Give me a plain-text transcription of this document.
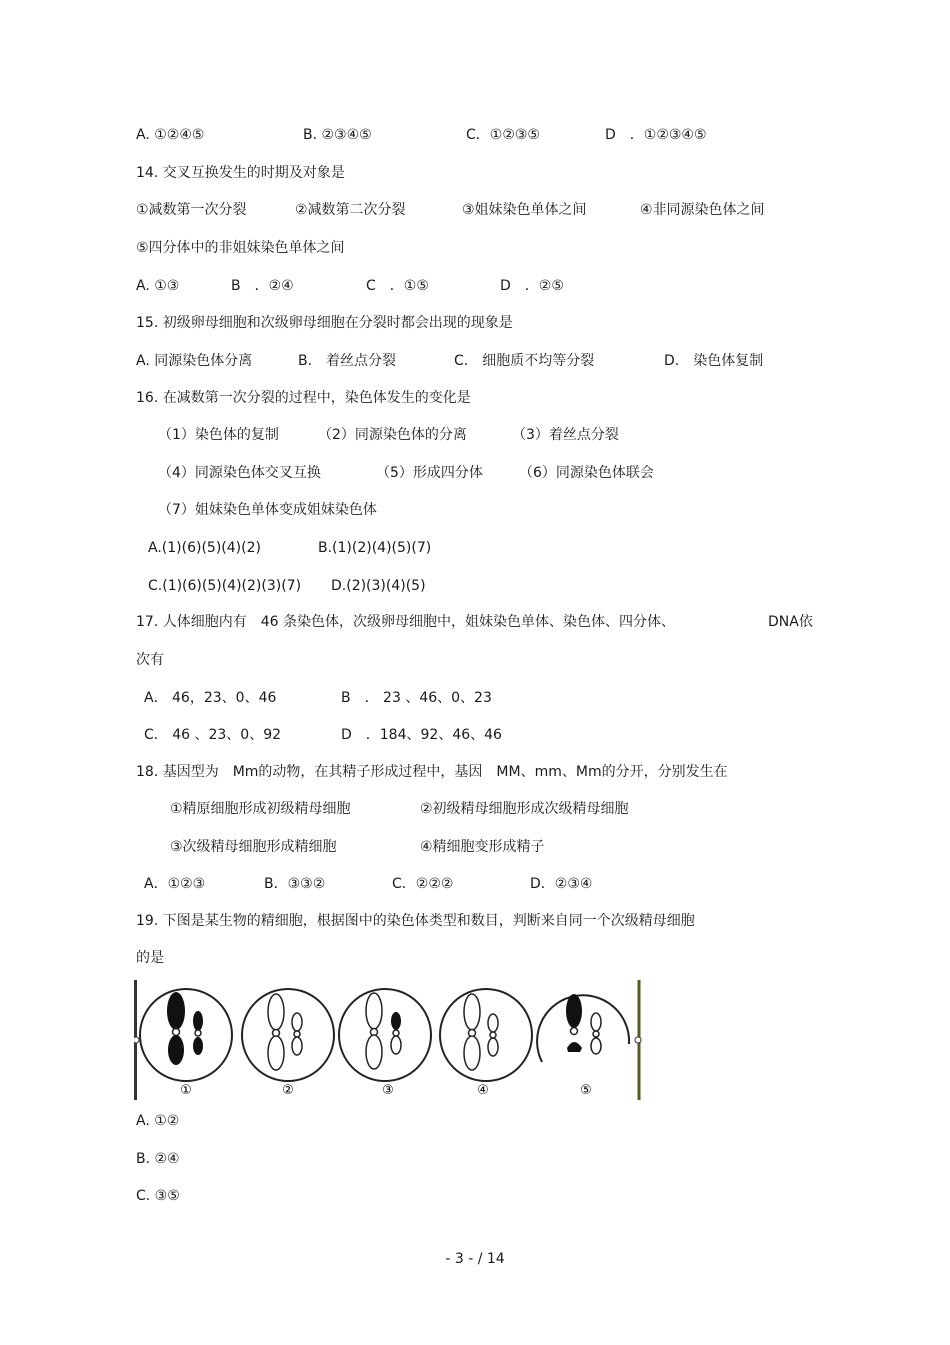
A. ①②④⑤	B. ②③④⑤	C．①②③⑤	D　．①②③④⑤
14. 交叉互换发生的时期及对象是
①减数第一次分裂	②减数第二次分裂	③姐妹染色单体之间	④非同源染色体之间
⑤四分体中的非姐妹染色单体之间
A. ①③	B　．②④	C　．①⑤	D　．②⑤
15. 初级卵母细胞和次级卵母细胞在分裂时都会出现的现象是
A. 同源染色体分离	B.　着丝点分裂	C.　细胞质不均等分裂	D.　染色体复制
16. 在减数第一次分裂的过程中，染色体发生的变化是
（1）染色体的复制	（2）同源染色体的分离	（3）着丝点分裂
（4）同源染色体交叉互换	（5）形成四分体	（6）同源染色体联会
（7）姐妹染色单体变成姐妹染色体
A.(1)(6)(5)(4)(2)	B.(1)(2)(4)(5)(7)
C.(1)(6)(5)(4)(2)(3)(7) D.(2)(3)(4)(5)
17. 人体细胞内有　46 条染色体，次级卵母细胞中，姐妹染色单体、染色体、四分体、	DNA依
次有
A． 46，23、0、46	B　． 23 、46、0、23
C． 46 、23、0、92	D　．184、92、46、46
18. 基因型为　Mm的动物，在其精子形成过程中，基因　MM、mm、Mm的分开，分别发生在
①精原细胞形成初级精母细胞	②初级精母细胞形成次级精母细胞
③次级精母细胞形成精细胞	④精细胞变形成精子
A．①②③	B．③③②	C．②②②	D．②③④
19. 下图是某生物的精细胞，根据图中的染色体类型和数目，判断来自同一个次级精母细胞
的是
①	②	③	④	⑤
A. ①②
B. ②④
C. ③⑤
- 3 - / 14
